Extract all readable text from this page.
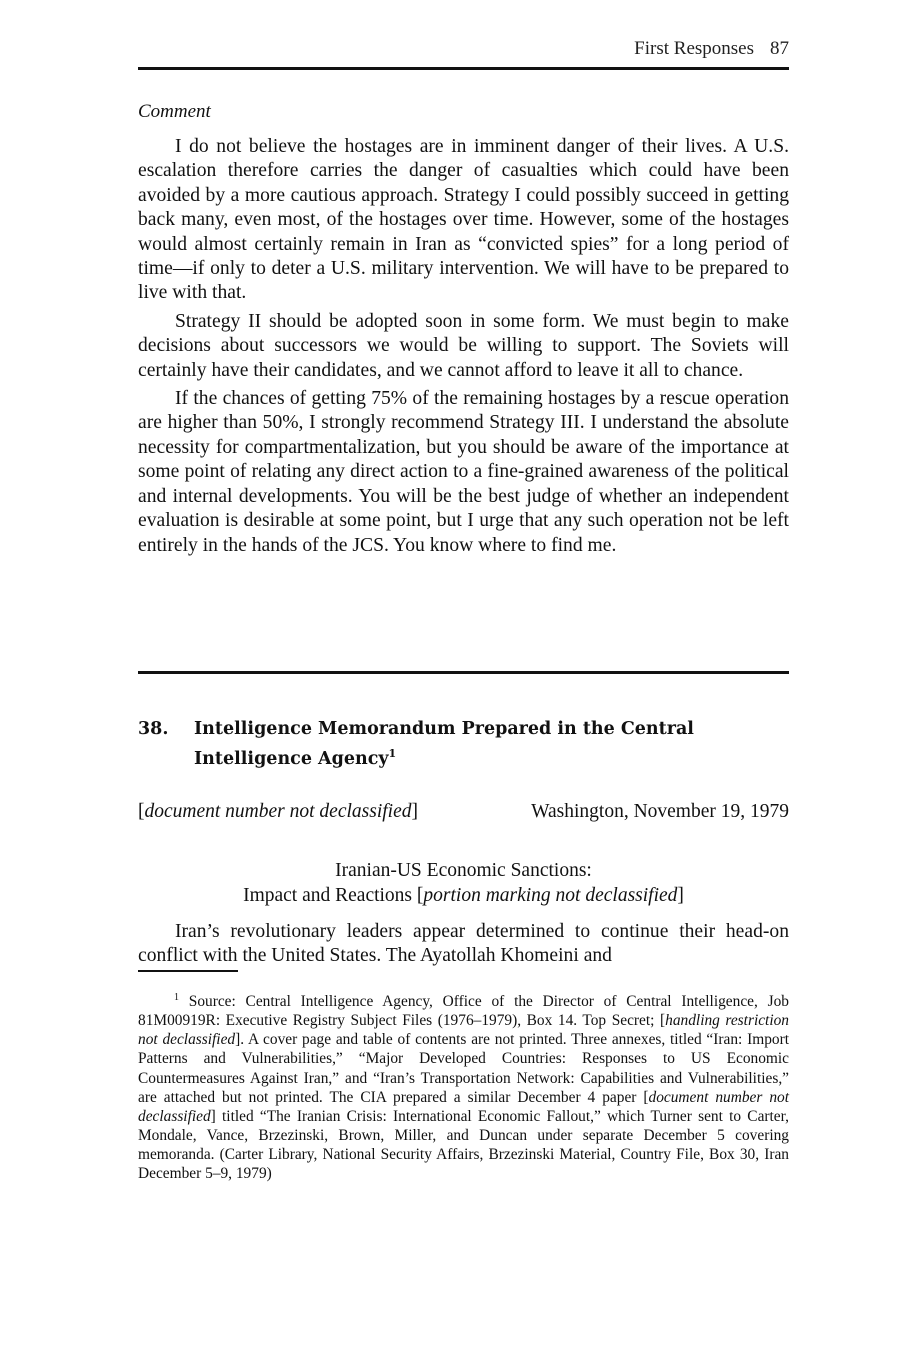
First Responses 87
Comment

I do not believe the hostages are in imminent danger of their lives. A U.S. escalation therefore carries the danger of casualties which could have been avoided by a more cautious approach. Strategy I could possibly succeed in getting back many, even most, of the hostages over time. However, some of the hostages would almost certainly remain in Iran as “convicted spies” for a long period of time—if only to deter a U.S. military intervention. We will have to be prepared to live with that.

Strategy II should be adopted soon in some form. We must begin to make decisions about successors we would be willing to support. The Soviets will certainly have their candidates, and we cannot afford to leave it all to chance.

If the chances of getting 75% of the remaining hostages by a rescue operation are higher than 50%, I strongly recommend Strategy III. I understand the absolute necessity for compartmentalization, but you should be aware of the importance at some point of relating any direct action to a fine-grained awareness of the political and internal developments. You will be the best judge of whether an independent evaluation is desirable at some point, but I urge that any such operation not be left entirely in the hands of the JCS. You know where to find me.

38. Intelligence Memorandum Prepared in the Central Intelligence Agency$^1$
[document number not declassified]	Washington, November 19, 1979
Iranian-US Economic Sanctions:
Impact and Reactions [portion marking not declassified]

Iran’s revolutionary leaders appear determined to continue their head-on conflict with the United States. The Ayatollah Khomeini and

$^1$ Source: Central Intelligence Agency, Office of the Director of Central Intelligence, Job 81M00919R: Executive Registry Subject Files (1976–1979), Box 14. Top Secret; [handling restriction not declassified]. A cover page and table of contents are not printed. Three annexes, titled “Iran: Import Patterns and Vulnerabilities,” “Major Developed Countries: Responses to US Economic Countermeasures Against Iran,” and “Iran’s Transportation Network: Capabilities and Vulnerabilities,” are attached but not printed. The CIA prepared a similar December 4 paper [document number not declassified] titled “The Iranian Crisis: International Economic Fallout,” which Turner sent to Carter, Mondale, Vance, Brzezinski, Brown, Miller, and Duncan under separate December 5 covering memoranda. (Carter Library, National Security Affairs, Brzezinski Material, Country File, Box 30, Iran December 5–9, 1979)
